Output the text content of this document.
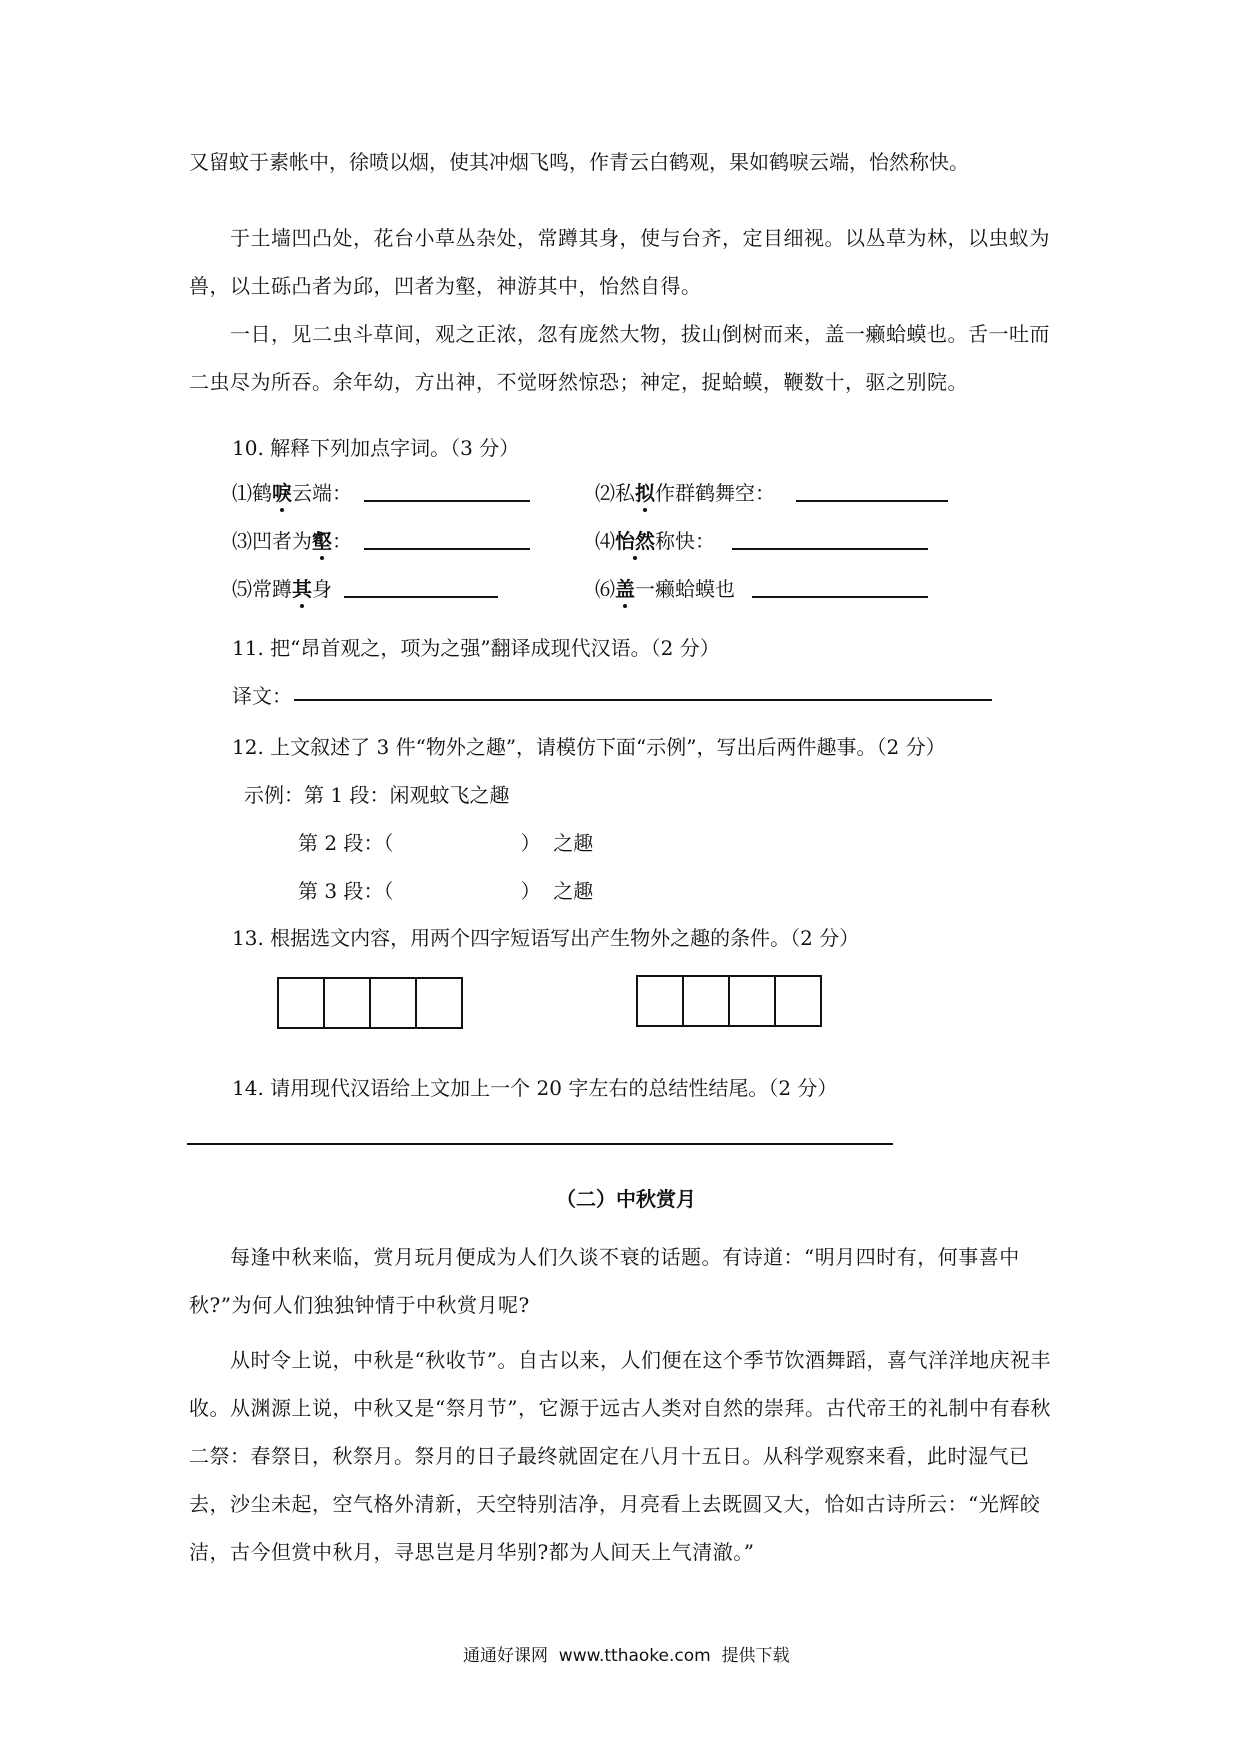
又留蚊于素帐中，徐喷以烟，使其冲烟飞鸣，作青云白鹤观，果如鹤唳云端，怡然称快。
于土墙凹凸处，花台小草丛杂处，常蹲其身，使与台齐，定目细视。以丛草为林，以虫蚁为兽，以土砾凸者为邱，凹者为壑，神游其中，怡然自得。
一日，见二虫斗草间，观之正浓，忽有庞然大物，拔山倒树而来，盖一癞蛤蟆也。舌一吐而二虫尽为所吞。余年幼，方出神，不觉呀然惊恐；神定，捉蛤蟆，鞭数十，驱之别院。
10. 解释下列加点字词。（3 分）
⑴鹤唳云端：	⑵私拟作群鹤舞空：
⑶凹者为壑：	⑷怡然称快：
⑸常蹲其身	⑹盖一癞蛤蟆也
11. 把“昂首观之，项为之强”翻译成现代汉语。（2 分）
译文：
12. 上文叙述了 3 件“物外之趣”，请模仿下面“示例”，写出后两件趣事。（2 分）
示例：第 1 段：闲观蚊飞之趣
第 2 段：（                    ）  之趣
第 3 段：（                    ）  之趣
13. 根据选文内容，用两个四字短语写出产生物外之趣的条件。（2 分）
14. 请用现代汉语给上文加上一个 20 字左右的总结性结尾。（2 分）
（二）中秋赏月
每逢中秋来临，赏月玩月便成为人们久谈不衰的话题。有诗道：“明月四时有，何事喜中秋?”为何人们独独钟情于中秋赏月呢?
从时令上说，中秋是“秋收节”。自古以来，人们便在这个季节饮酒舞蹈，喜气洋洋地庆祝丰收。从渊源上说，中秋又是“祭月节”，它源于远古人类对自然的崇拜。古代帝王的礼制中有春秋二祭：春祭日，秋祭月。祭月的日子最终就固定在八月十五日。从科学观察来看，此时湿气已去，沙尘未起，空气格外清新，天空特别洁净，月亮看上去既圆又大，恰如古诗所云：“光辉皎洁，古今但赏中秋月，寻思岂是月华别?都为人间天上气清澈。”
通通好课网  www.tthaoke.com  提供下载
